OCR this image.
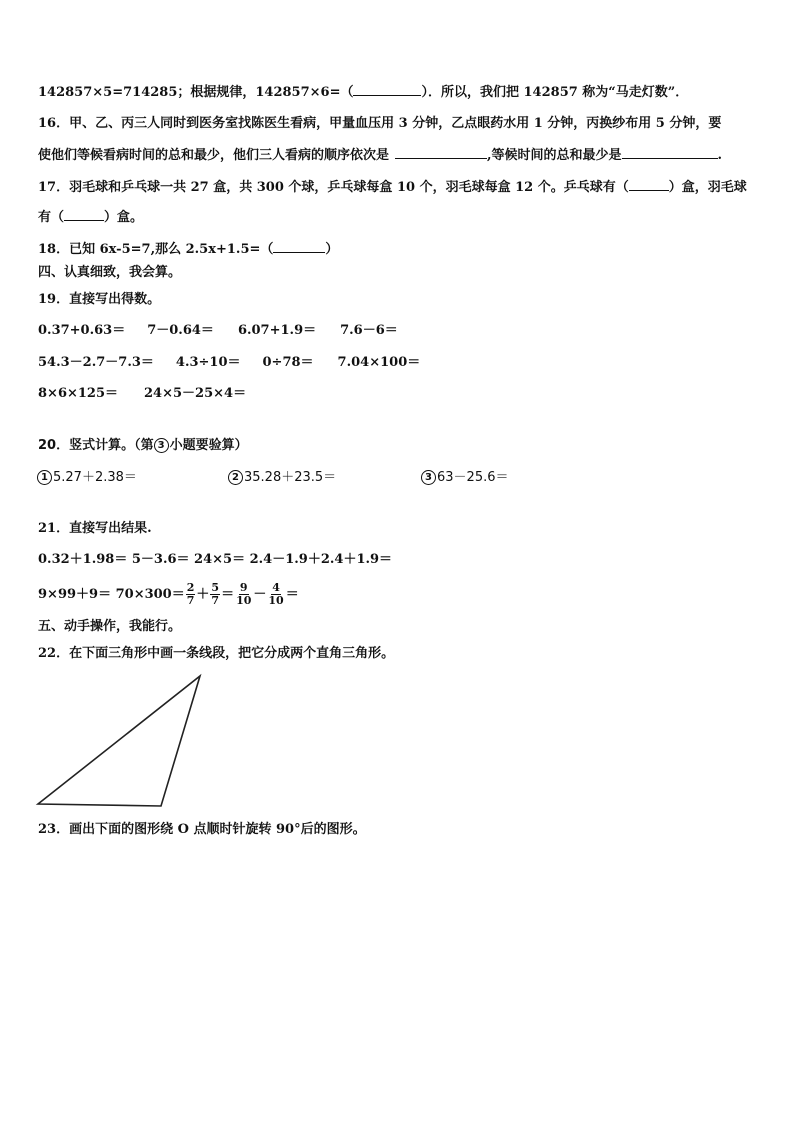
142857×5=714285；根据规律，142857×6=（	）．所以，我们把 142857 称为“马走灯数”．
16．甲、乙、丙三人同时到医务室找陈医生看病，甲量血压用 3 分钟，乙点眼药水用 1 分钟，丙换纱布用 5 分钟，要
使他们等候看病时间的总和最少，他们三人看病的顺序依次是	,等候时间的总和最少是	.
17．羽毛球和乒乓球一共 27 盒，共 300 个球，乒乓球每盒 10 个，羽毛球每盒 12 个。乒乓球有（	）盒，羽毛球
有（	）盒。
18．已知 6x-5=7,那么 2.5x+1.5=（	）
四、认真细致，我会算。
19．直接写出得数。
0.37+0.63＝ 7－0.64＝ 6.07+1.9＝ 7.6－6＝
54.3－2.7－7.3＝ 4.3÷10＝ 0÷78＝ 7.04×100＝
8×6×125＝ 24×5－25×4＝
20．竖式计算。（第 3 小题要验算）
1 5.27＋2.38＝	2 35.28＋23.5＝	3 63－25.6＝
21．直接写出结果.
0.32＋1.98＝ 5－3.6＝ 24×5＝ 2.4－1.9＋2.4＋1.9＝
$9\times 99+9= 70\times 300= \frac{2}{7} + \frac{5}{7} = \frac{9}{10} - \frac{4}{10}$ ＝
五、动手操作，我能行。
22．在下面三角形中画一条线段，把它分成两个直角三角形。
23．画出下面的图形绕 O 点顺时针旋转 90°后的图形。
